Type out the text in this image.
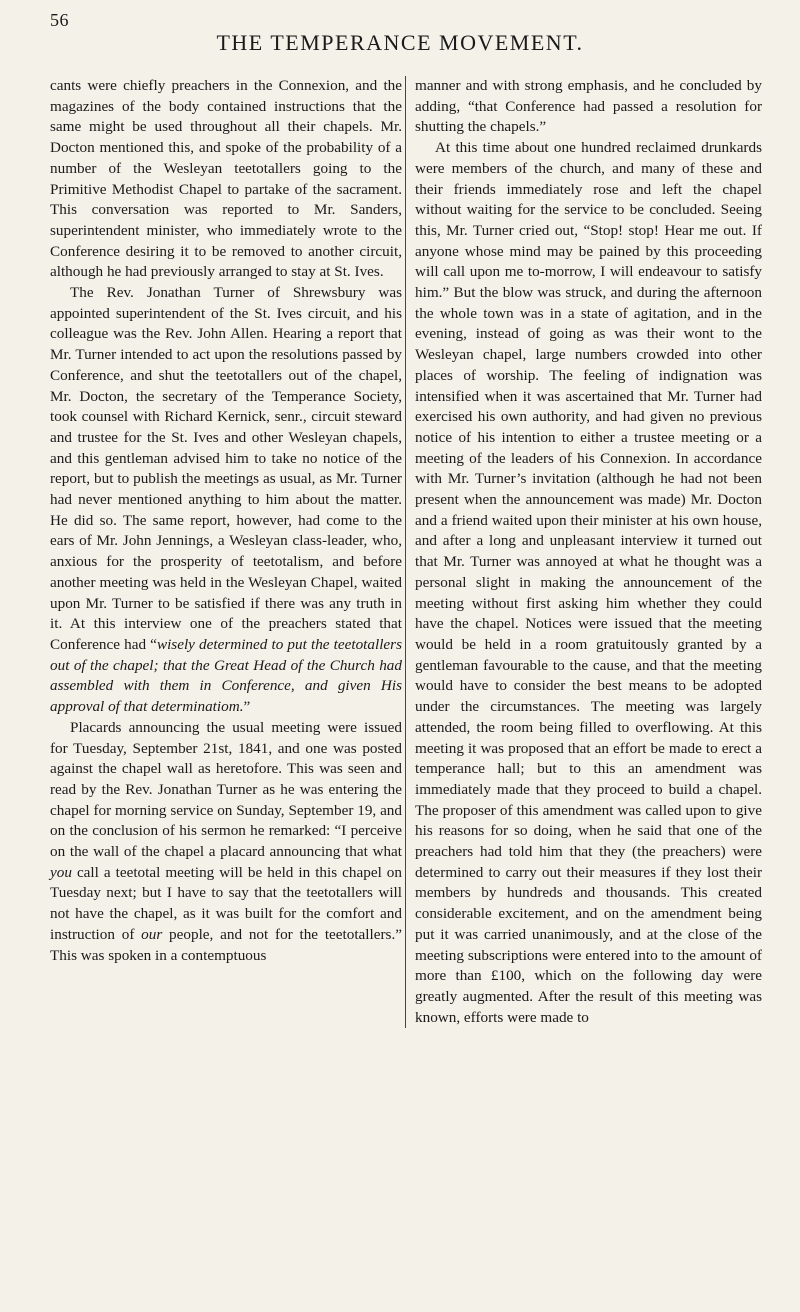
56
THE TEMPERANCE MOVEMENT.

cants were chiefly preachers in the Connexion, and the magazines of the body contained instructions that the same might be used throughout all their chapels. Mr. Docton mentioned this, and spoke of the probability of a number of the Wesleyan teetotallers going to the Primitive Methodist Chapel to partake of the sacrament. This conversation was reported to Mr. Sanders, superintendent minister, who immediately wrote to the Conference desiring it to be removed to another circuit, although he had previously arranged to stay at St. Ives.

The Rev. Jonathan Turner of Shrewsbury was appointed superintendent of the St. Ives circuit, and his colleague was the Rev. John Allen. Hearing a report that Mr. Turner intended to act upon the resolutions passed by Conference, and shut the teetotallers out of the chapel, Mr. Docton, the secretary of the Temperance Society, took counsel with Richard Kernick, senr., circuit steward and trustee for the St. Ives and other Wesleyan chapels, and this gentleman advised him to take no notice of the report, but to publish the meetings as usual, as Mr. Turner had never mentioned anything to him about the matter. He did so. The same report, however, had come to the ears of Mr. John Jennings, a Wesleyan class-leader, who, anxious for the prosperity of teetotalism, and before another meeting was held in the Wesleyan Chapel, waited upon Mr. Turner to be satisfied if there was any truth in it. At this interview one of the preachers stated that Conference had “wisely determined to put the teetotallers out of the chapel; that the Great Head of the Church had assembled with them in Conference, and given His approval of that determinatiom.”

Placards announcing the usual meeting were issued for Tuesday, September 21st, 1841, and one was posted against the chapel wall as heretofore. This was seen and read by the Rev. Jonathan Turner as he was entering the chapel for morning service on Sunday, September 19, and on the conclusion of his sermon he remarked: “I perceive on the wall of the chapel a placard announcing that what you call a teetotal meeting will be held in this chapel on Tuesday next; but I have to say that the teetotallers will not have the chapel, as it was built for the comfort and instruction of our people, and not for the teetotallers.” This was spoken in a contemptuous

manner and with strong emphasis, and he concluded by adding, “that Conference had passed a resolution for shutting the chapels.”

At this time about one hundred reclaimed drunkards were members of the church, and many of these and their friends immediately rose and left the chapel without waiting for the service to be concluded. Seeing this, Mr. Turner cried out, “Stop! stop! Hear me out. If anyone whose mind may be pained by this proceeding will call upon me to-morrow, I will endeavour to satisfy him.” But the blow was struck, and during the afternoon the whole town was in a state of agitation, and in the evening, instead of going as was their wont to the Wesleyan chapel, large numbers crowded into other places of worship. The feeling of indignation was intensified when it was ascertained that Mr. Turner had exercised his own authority, and had given no previous notice of his intention to either a trustee meeting or a meeting of the leaders of his Connexion. In accordance with Mr. Turner’s invitation (although he had not been present when the announcement was made) Mr. Docton and a friend waited upon their minister at his own house, and after a long and unpleasant interview it turned out that Mr. Turner was annoyed at what he thought was a personal slight in making the announcement of the meeting without first asking him whether they could have the chapel. Notices were issued that the meeting would be held in a room gratuitously granted by a gentleman favourable to the cause, and that the meeting would have to consider the best means to be adopted under the circumstances. The meeting was largely attended, the room being filled to overflowing. At this meeting it was proposed that an effort be made to erect a temperance hall; but to this an amendment was immediately made that they proceed to build a chapel. The proposer of this amendment was called upon to give his reasons for so doing, when he said that one of the preachers had told him that they (the preachers) were determined to carry out their measures if they lost their members by hundreds and thousands. This created considerable excitement, and on the amendment being put it was carried unanimously, and at the close of the meeting subscriptions were entered into to the amount of more than £100, which on the following day were greatly augmented. After the result of this meeting was known, efforts were made to
